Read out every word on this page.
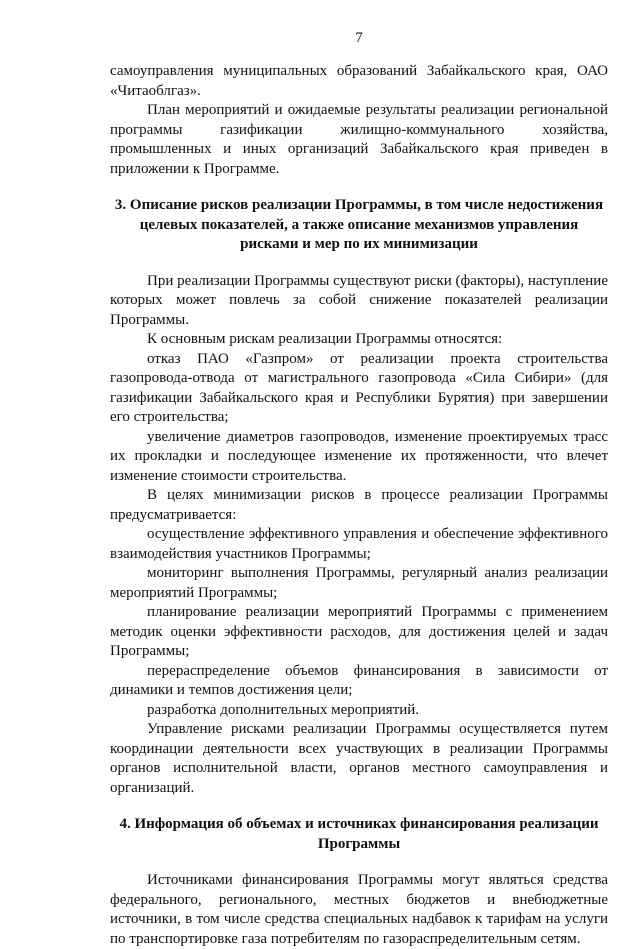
7

самоуправления муниципальных образований Забайкальского края, ОАО «Читаоблгаз».

План мероприятий и ожидаемые результаты реализации региональной программы газификации жилищно-коммунального хозяйства, промышленных и иных организаций Забайкальского края приведен в приложении к Программе.

3. Описание рисков реализации Программы, в том числе недостижения целевых показателей, а также описание механизмов управления рисками и мер по их минимизации

При реализации Программы существуют риски (факторы), наступление которых может повлечь за собой снижение показателей реализации Программы.

К основным рискам реализации Программы относятся:

отказ ПАО «Газпром» от реализации проекта строительства газопровода-отвода от магистрального газопровода «Сила Сибири» (для газификации Забайкальского края и Республики Бурятия) при завершении его строительства;

увеличение диаметров газопроводов, изменение проектируемых трасс их прокладки и последующее изменение их протяженности, что влечет изменение стоимости строительства.

В целях минимизации рисков в процессе реализации Программы предусматривается:

осуществление эффективного управления и обеспечение эффективного взаимодействия участников Программы;

мониторинг выполнения Программы, регулярный анализ реализации мероприятий Программы;

планирование реализации мероприятий Программы с применением методик оценки эффективности расходов, для достижения целей и задач Программы;

перераспределение объемов финансирования в зависимости от динамики и темпов достижения цели;

разработка дополнительных мероприятий.

Управление рисками реализации Программы осуществляется путем координации деятельности всех участвующих в реализации Программы органов исполнительной власти, органов местного самоуправления и организаций.

4. Информация об объемах и источниках финансирования реализации Программы

Источниками финансирования Программы могут являться средства федерального, регионального, местных бюджетов и внебюджетные источники, в том числе средства специальных надбавок к тарифам на услуги по транспортировке газа потребителям по газораспределительным сетям.
